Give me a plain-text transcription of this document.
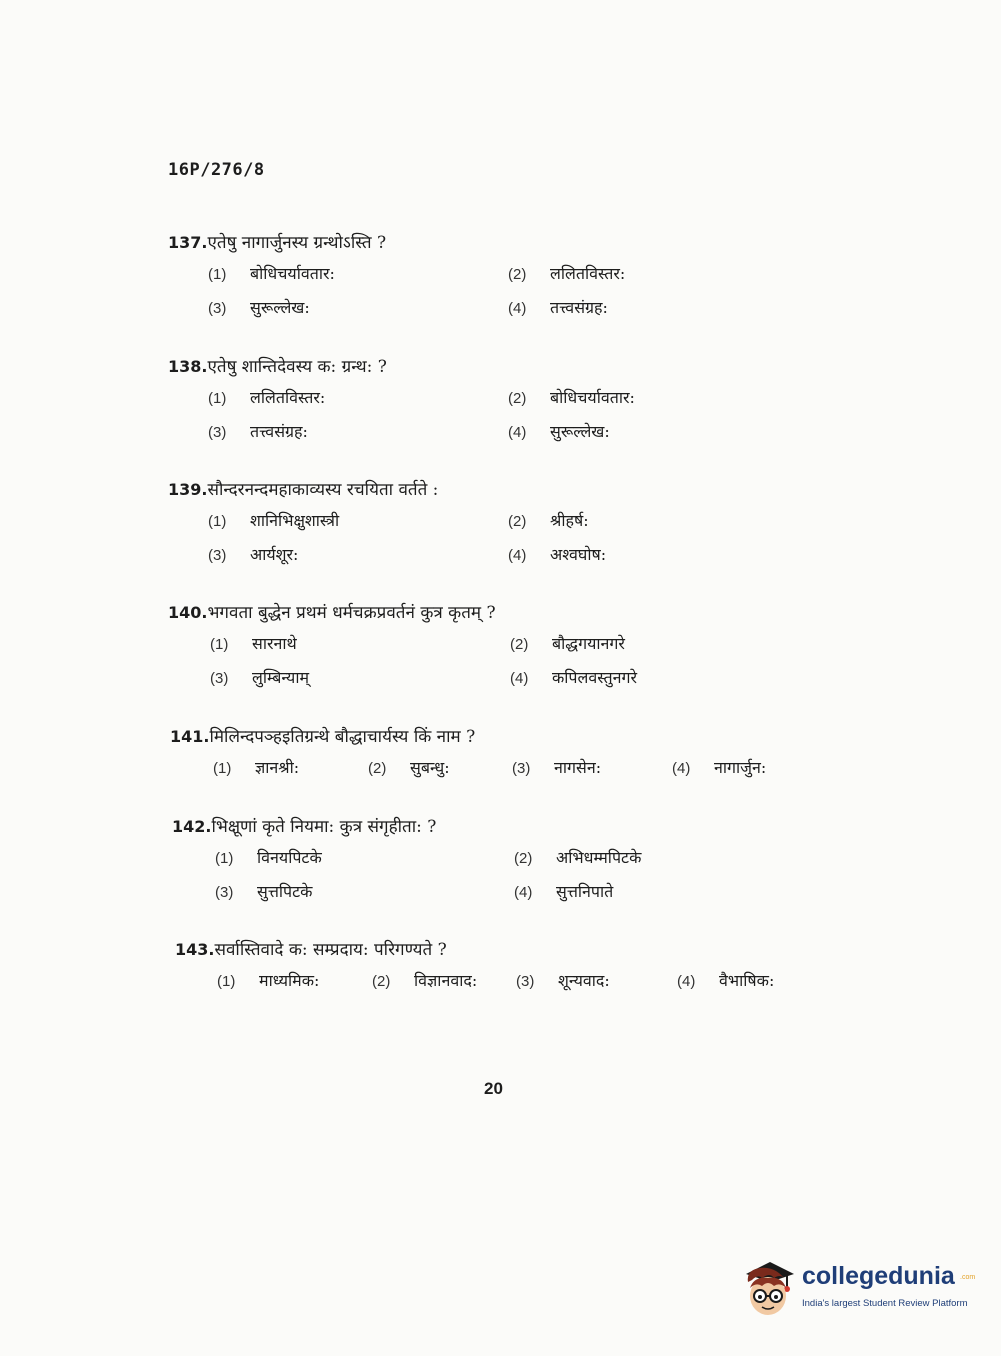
16P/276/8
137.एतेषु नागार्जुनस्य ग्रन्थोऽस्ति ?
(1) बोधिचर्यावतार:	(2) ललितविस्तर:
(3) सुरूल्लेख:	(4) तत्त्वसंग्रह:
138.एतेषु शान्तिदेवस्य क: ग्रन्थ: ?
(1) ललितविस्तर:	(2) बोधिचर्यावतार:
(3) तत्त्वसंग्रह:	(4) सुरूल्लेख:
139.सौन्दरनन्दमहाकाव्यस्य रचयिता वर्तते :
(1) शानिभिक्षुशास्त्री	(2) श्रीहर्ष:
(3) आर्यशूर:	(4) अश्वघोष:
140.भगवता बुद्धेन प्रथमं धर्मचक्रप्रवर्तनं कुत्र कृतम् ?
(1) सारनाथे	(2) बौद्धगयानगरे
(3) लुम्बिन्याम्	(4) कपिलवस्तुनगरे
141.मिलिन्दपञ्हइतिग्रन्थे बौद्धाचार्यस्य किं नाम ?
(1) ज्ञानश्री:	(2) सुबन्धु:	(3) नागसेन:	(4) नागार्जुन:
142.भिक्षूणां कृते नियमा: कुत्र संगृहीता: ?
(1) विनयपिटके	(2) अभिधम्मपिटके
(3) सुत्तपिटके	(4) सुत्तनिपाते
143.सर्वास्तिवादे क: सम्प्रदाय: परिगण्यते ?
(1) माध्यमिक:	(2) विज्ञानवाद:	(3) शून्यवाद:	(4) वैभाषिक:
20
collegedunia .com
India's largest Student Review Platform
